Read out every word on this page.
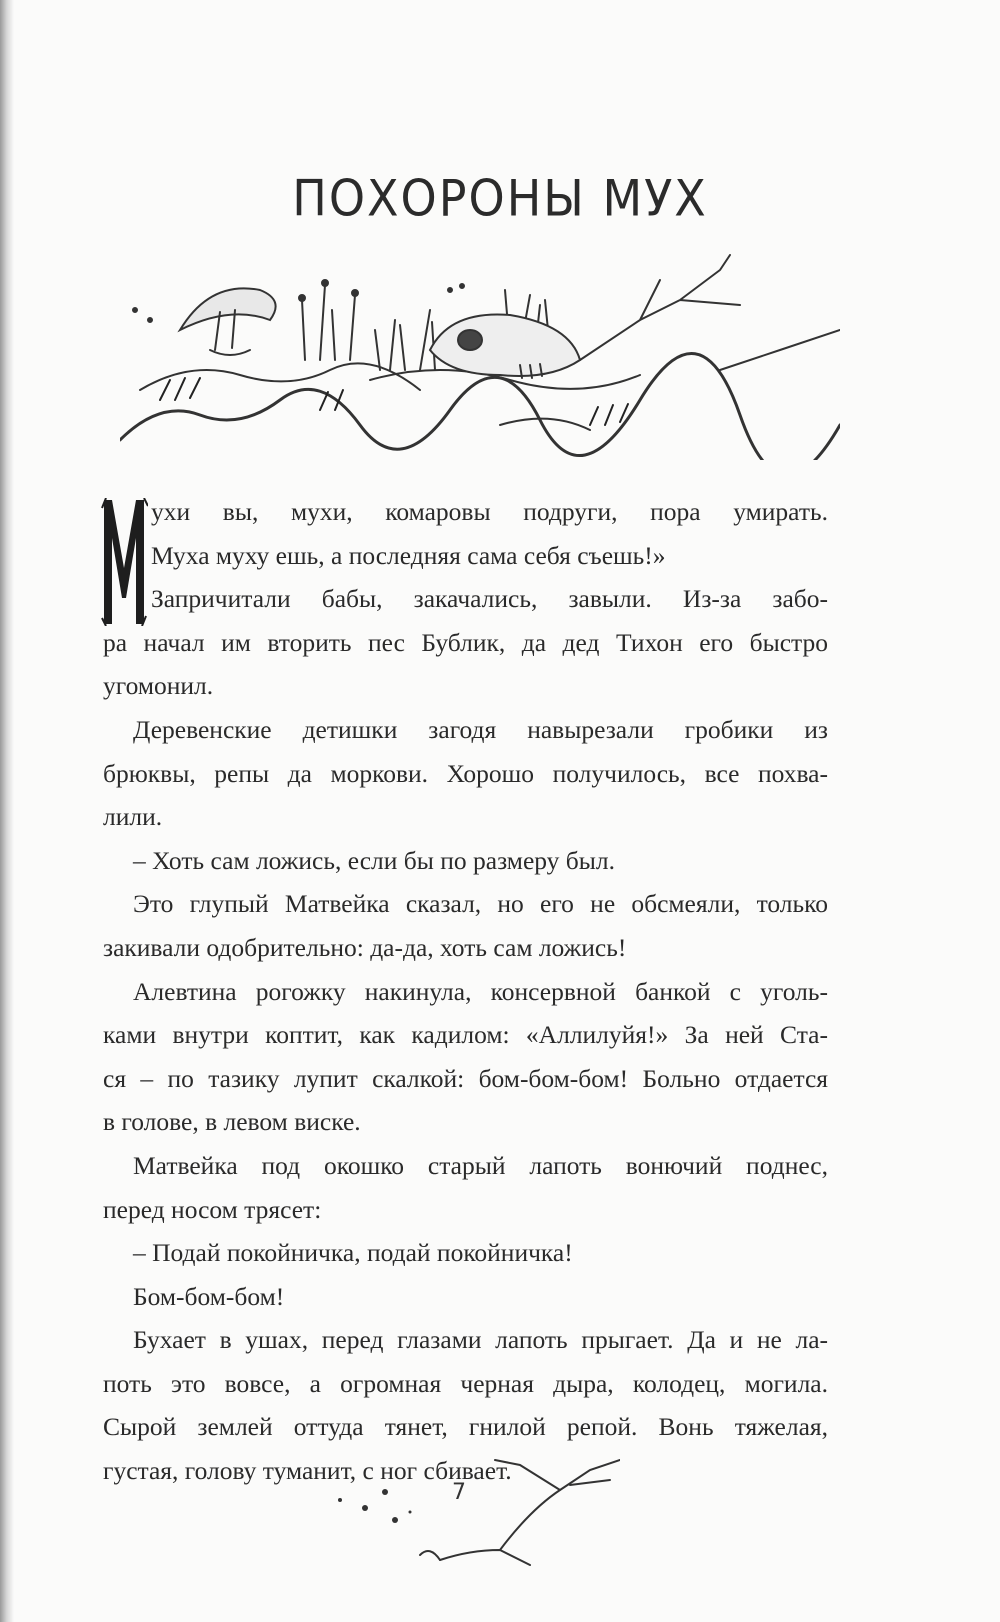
ПОХОРОНЫ МУХ
ухи вы, мухи, комаровы подруги, пора умирать.
Муха муху ешь, а последняя сама себя съешь!»
Запричитали бабы, закачались, завыли. Из-за забо-
ра начал им вторить пес Бублик, да дед Тихон его быстро
угомонил.
Деревенские детишки загодя навырезали гробики из
брюквы, репы да моркови. Хорошо получилось, все похва-
лили.
– Хоть сам ложись, если бы по размеру был.
Это глупый Матвейка сказал, но его не обсмеяли, только
закивали одобрительно: да-да, хоть сам ложись!
Алевтина рогожку накинула, консервной банкой с уголь-
ками внутри коптит, как кадилом: «Аллилуйя!» За ней Ста-
ся – по тазику лупит скалкой: бом-бом-бом! Больно отдается
в голове, в левом виске.
Матвейка под окошко старый лапоть вонючий поднес,
перед носом трясет:
– Подай покойничка, подай покойничка!
Бом-бом-бом!
Бухает в ушах, перед глазами лапоть прыгает. Да и не ла-
поть это вовсе, а огромная черная дыра, колодец, могила.
Сырой землей оттуда тянет, гнилой репой. Вонь тяжелая,
густая, голову туманит, с ног сбивает.
7
